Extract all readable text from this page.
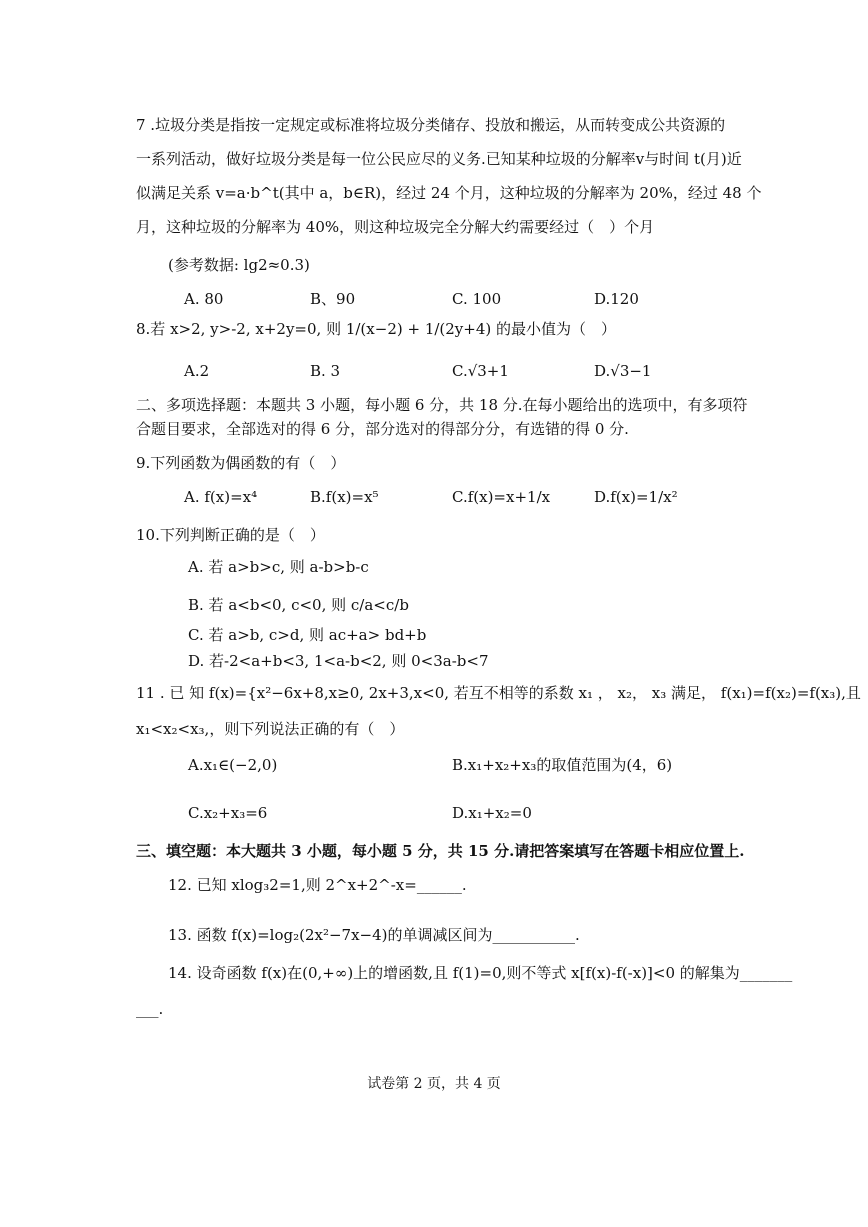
7 .垃圾分类是指按一定规定或标准将垃圾分类储存、投放和搬运，从而转变成公共资源的
一系列活动，做好垃圾分类是每一位公民应尽的义务.已知某种垃圾的分解率v与时间 t(月)近
似满足关系 v=a·b^t(其中 a，b∈R)，经过 24 个月，这种垃圾的分解率为 20%，经过 48 个
月，这种垃圾的分解率为 40%，则这种垃圾完全分解大约需要经过（　）个月
(参考数据: lg2≈0.3)
A. 80	B、90	C. 100	D.120
8.若 x>2, y>-2, x+2y=0, 则 1/(x−2) + 1/(2y+4) 的最小值为（　）
A.2	B. 3	C.√3+1	D.√3−1
二、多项选择题：本题共 3 小题，每小题 6 分，共 18 分.在每小题给出的选项中，有多项符
合题目要求，全部选对的得 6 分，部分选对的得部分分，有选错的得 0 分.
9.下列函数为偶函数的有（　）
A. f(x)=x⁴	B.f(x)=x⁵	C.f(x)=x+1/x	D.f(x)=1/x²
10.下列判断正确的是（　）
A. 若 a>b>c, 则 a-b>b-c
B. 若 a<b<0, c<0, 则 c/a<c/b
C. 若 a>b, c>d, 则 ac+a> bd+b
D. 若-2<a+b<3, 1<a-b<2, 则 0<3a-b<7
11 . 已 知 f(x)={x²−6x+8,x≥0, 2x+3,x<0, 若互不相等的系数 x₁ ， x₂， x₃ 满足， f(x₁)=f(x₂)=f(x₃),且
x₁<x₂<x₃,，则下列说法正确的有（　）
A.x₁∈(−2,0)	B.x₁+x₂+x₃的取值范围为(4，6)
C.x₂+x₃=6	D.x₁+x₂=0
三、填空题：本大题共 3 小题，每小题 5 分，共 15 分.请把答案填写在答题卡相应位置上.
12. 已知 xlog₃2=1,则 2^x+2^-x=______.
13. 函数 f(x)=log₂(2x²−7x−4)的单调减区间为___________.
14. 设奇函数 f(x)在(0,+∞)上的增函数,且 f(1)=0,则不等式 x[f(x)-f(-x)]<0 的解集为_______
___.
试卷第 2 页，共 4 页
